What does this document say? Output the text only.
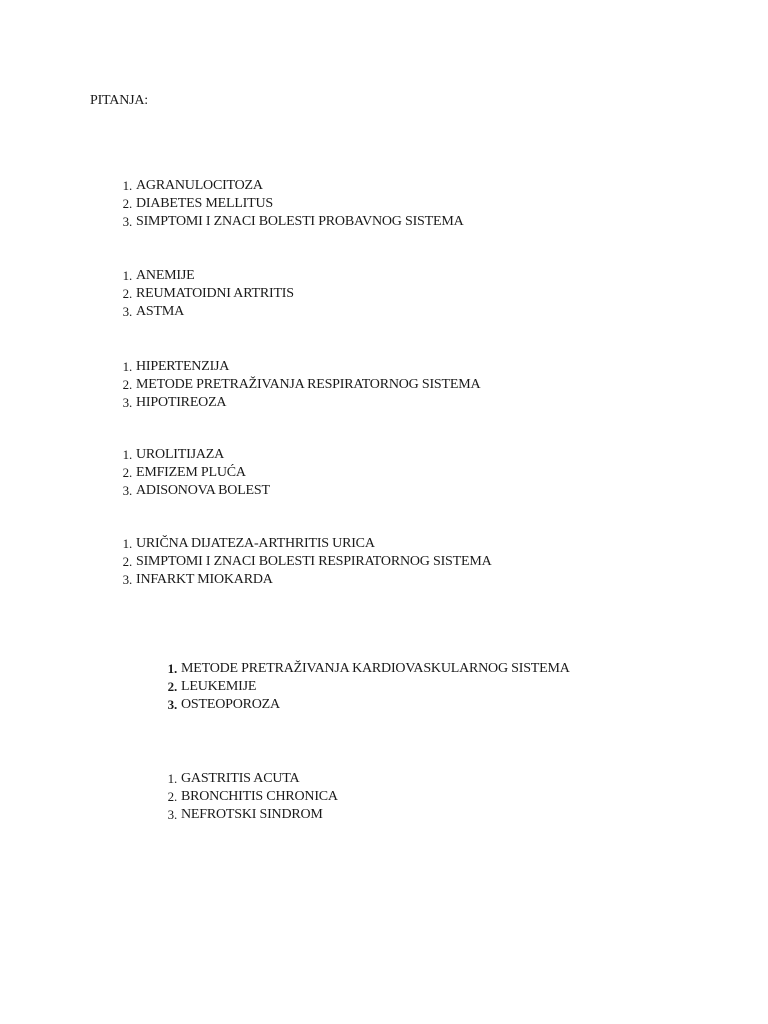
PITANJA:
1. AGRANULOCITOZA
2. DIABETES MELLITUS
3. SIMPTOMI I ZNACI BOLESTI PROBAVNOG SISTEMA
1. ANEMIJE
2. REUMATOIDNI ARTRITIS
3. ASTMA
1. HIPERTENZIJA
2. METODE PRETRAŽIVANJA RESPIRATORNOG SISTEMA
3. HIPOTIREOZA
1. UROLITIJAZA
2. EMFIZEM PLUĆA
3. ADISONOVA BOLEST
1. URIČNA DIJATEZA-ARTHRITIS URICA
2. SIMPTOMI I ZNACI BOLESTI RESPIRATORNOG SISTEMA
3. INFARKT MIOKARDA
1. METODE PRETRAŽIVANJA KARDIOVASKULARNOG SISTEMA
2. LEUKEMIJE
3. OSTEOPOROZA
1. GASTRITIS ACUTA
2. BRONCHITIS CHRONICA
3. NEFROTSKI SINDROM
